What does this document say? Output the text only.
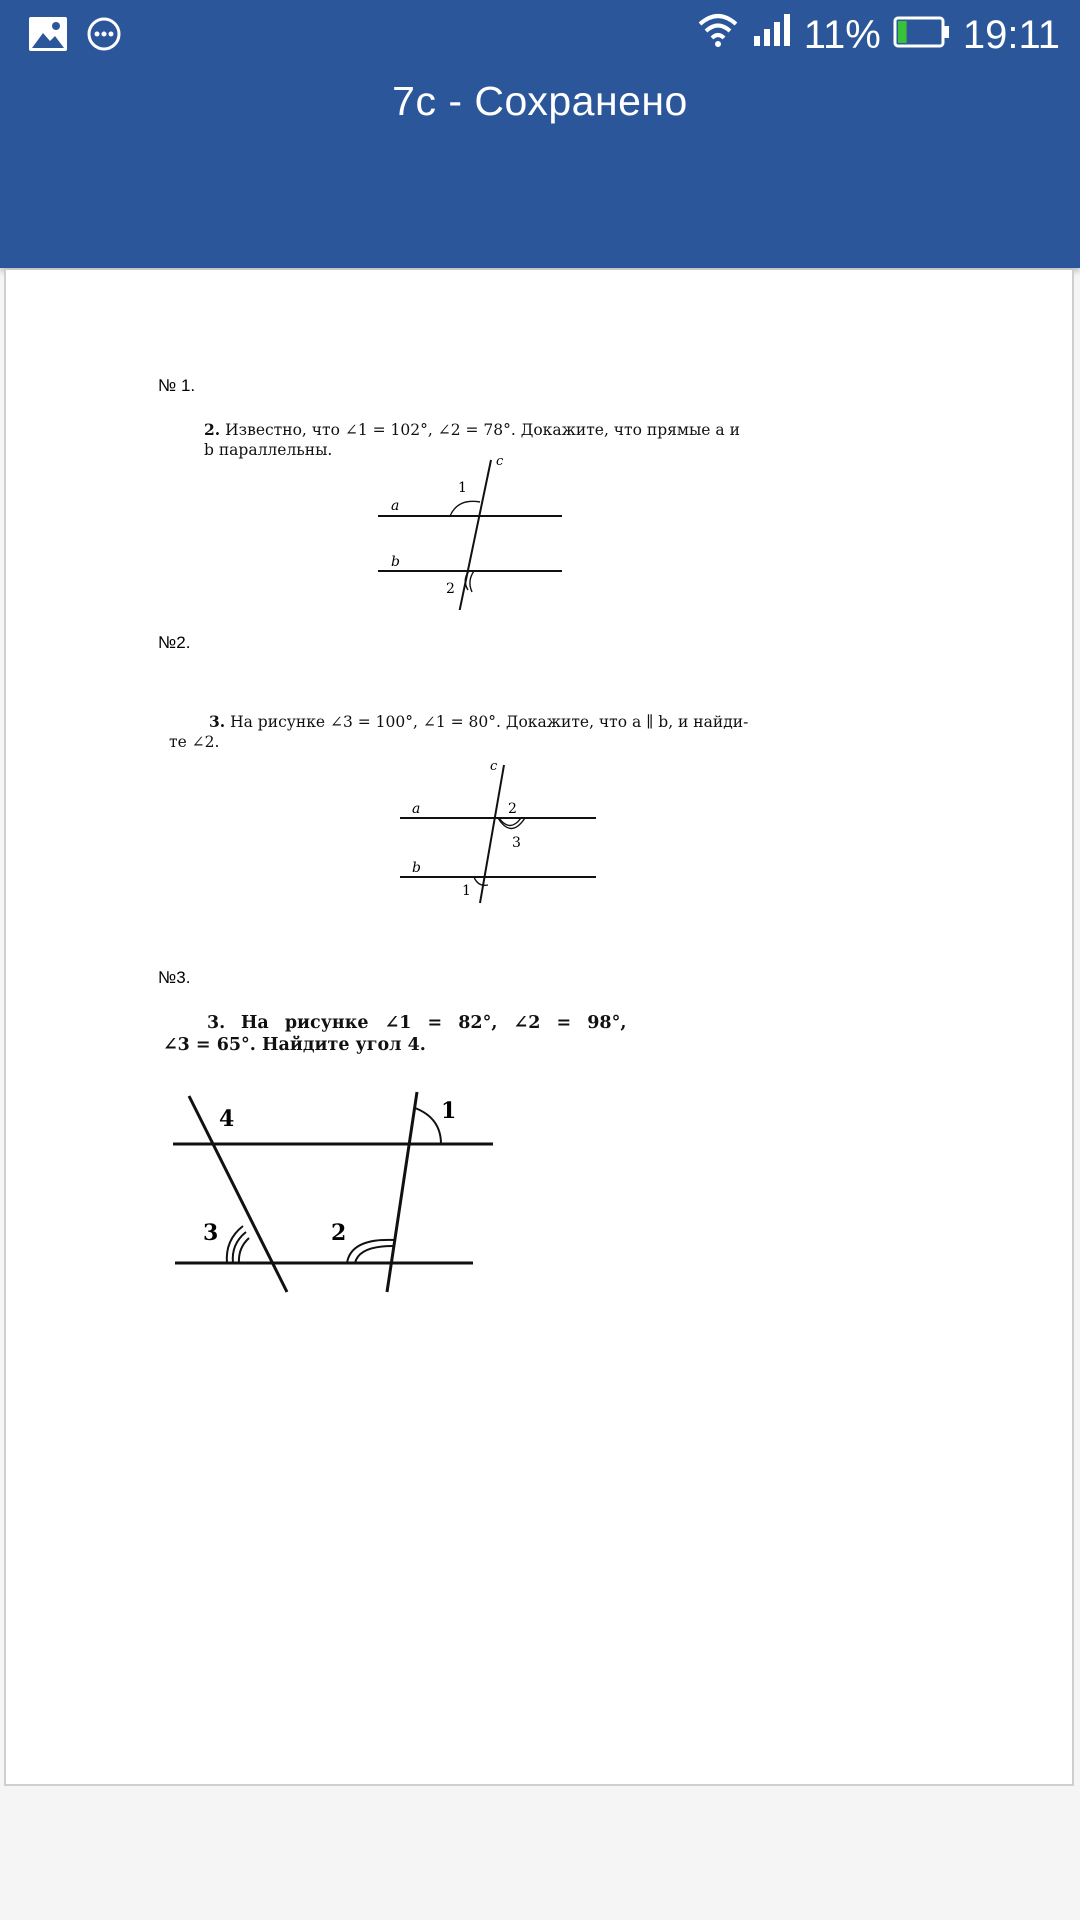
11% 19:11
7с - Сохранено
№ 1.
2. Известно, что ∠1 = 102°, ∠2 = 78°. Докажите, что прямые a и
b параллельны.
a
b
c
1
2
№2.
3. На рисунке ∠3 = 100°, ∠1 = 80°. Докажите, что a ∥ b, и найди-
те ∠2.
a
b
c
2
3
1
№3.
3. На рисунке ∠1 = 82°, ∠2 = 98°,
∠3 = 65°. Найдите угол 4.
4	1
3	2
